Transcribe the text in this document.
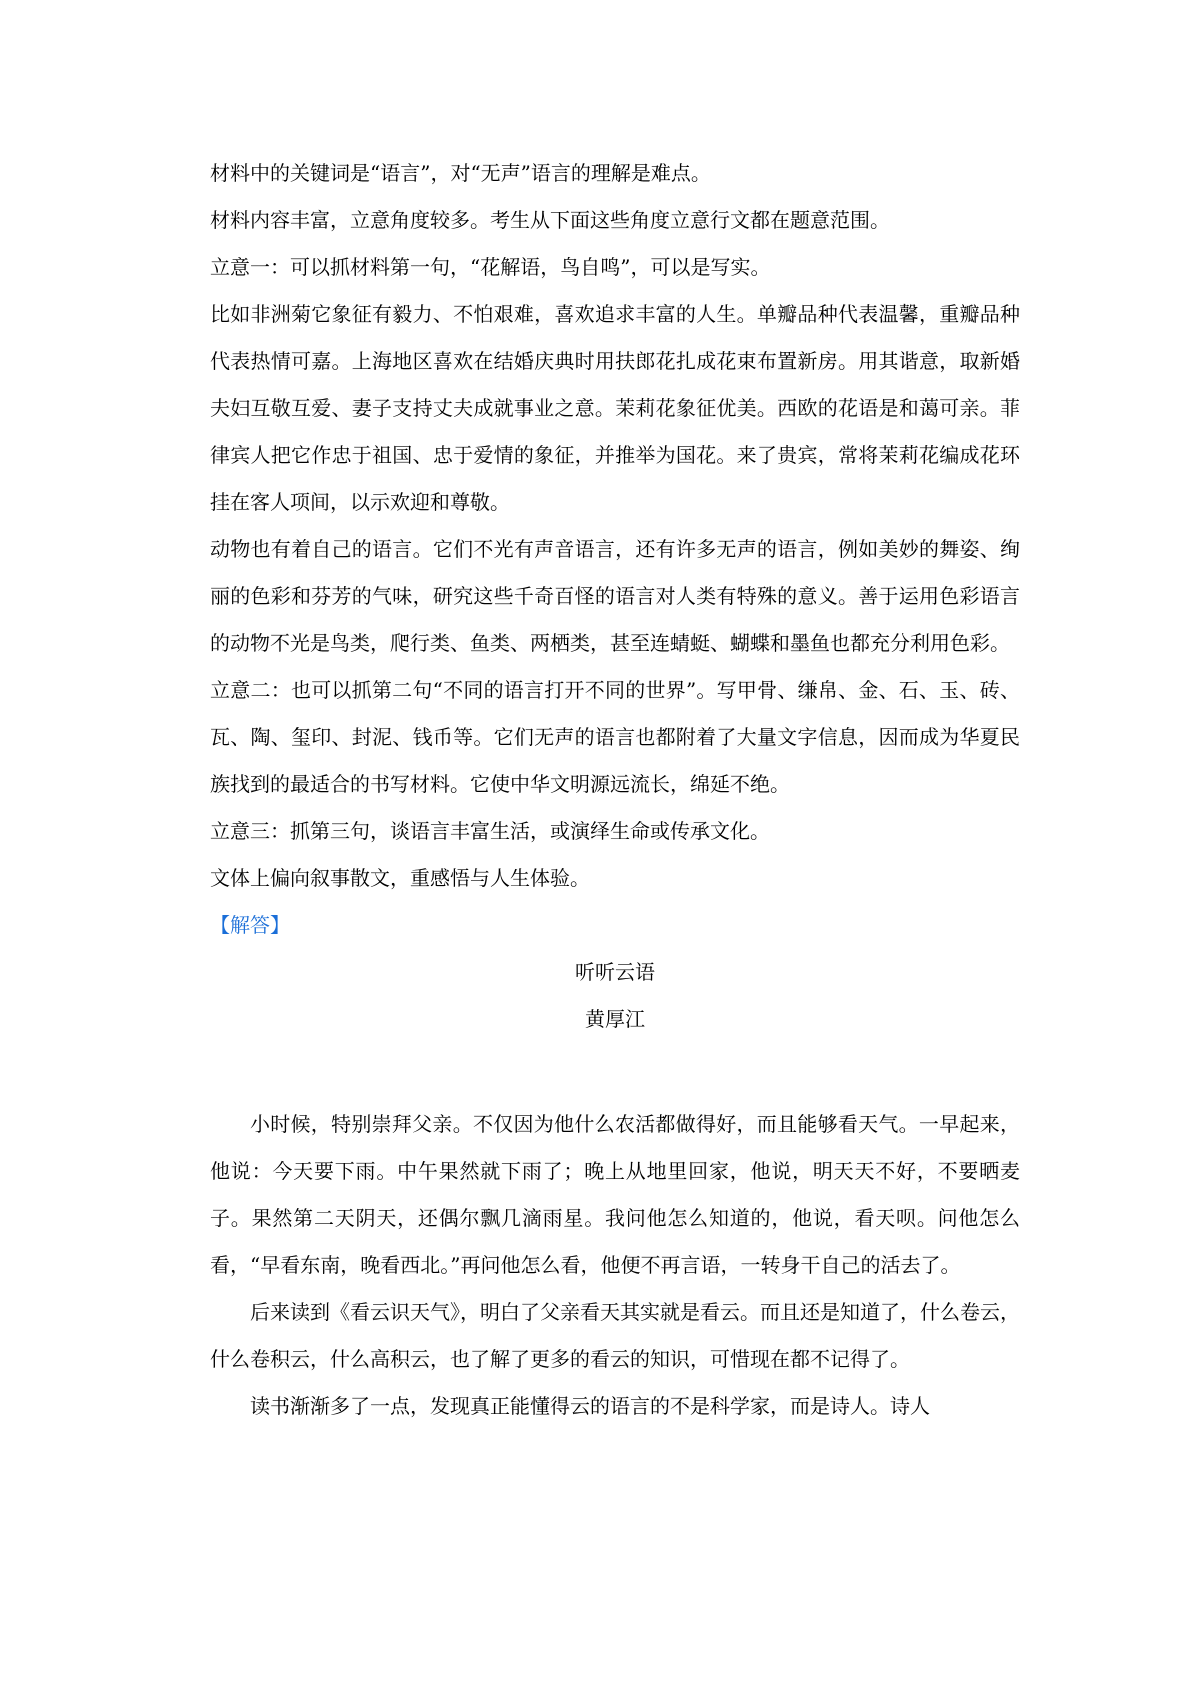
材料中的关键词是“语言”，对“无声”语言的理解是难点。

材料内容丰富，立意角度较多。考生从下面这些角度立意行文都在题意范围。

立意一：可以抓材料第一句，“花解语，鸟自鸣”，可以是写实。

比如非洲菊它象征有毅力、不怕艰难，喜欢追求丰富的人生。单瓣品种代表温馨，重瓣品种代表热情可嘉。上海地区喜欢在结婚庆典时用扶郎花扎成花束布置新房。用其谐意，取新婚夫妇互敬互爱、妻子支持丈夫成就事业之意。茉莉花象征优美。西欧的花语是和蔼可亲。菲律宾人把它作忠于祖国、忠于爱情的象征，并推举为国花。来了贵宾，常将茉莉花编成花环挂在客人项间，以示欢迎和尊敬。

动物也有着自己的语言。它们不光有声音语言，还有许多无声的语言，例如美妙的舞姿、绚丽的色彩和芬芳的气味，研究这些千奇百怪的语言对人类有特殊的意义。善于运用色彩语言的动物不光是鸟类，爬行类、鱼类、两栖类，甚至连蜻蜓、蝴蝶和墨鱼也都充分利用色彩。

立意二：也可以抓第二句“不同的语言打开不同的世界”。写甲骨、缣帛、金、石、玉、砖、瓦、陶、玺印、封泥、钱币等。它们无声的语言也都附着了大量文字信息，因而成为华夏民族找到的最适合的书写材料。它使中华文明源远流长，绵延不绝。

立意三：抓第三句，谈语言丰富生活，或演绎生命或传承文化。

文体上偏向叙事散文，重感悟与人生体验。

【解答】

听听云语

黄厚江

小时候，特别崇拜父亲。不仅因为他什么农活都做得好，而且能够看天气。一早起来，他说：今天要下雨。中午果然就下雨了；晚上从地里回家，他说，明天天不好，不要晒麦子。果然第二天阴天，还偶尔飘几滴雨星。我问他怎么知道的，他说，看天呗。问他怎么看，“早看东南，晚看西北。”再问他怎么看，他便不再言语，一转身干自己的活去了。

后来读到《看云识天气》，明白了父亲看天其实就是看云。而且还是知道了，什么卷云，什么卷积云，什么高积云，也了解了更多的看云的知识，可惜现在都不记得了。

读书渐渐多了一点，发现真正能懂得云的语言的不是科学家，而是诗人。诗人
